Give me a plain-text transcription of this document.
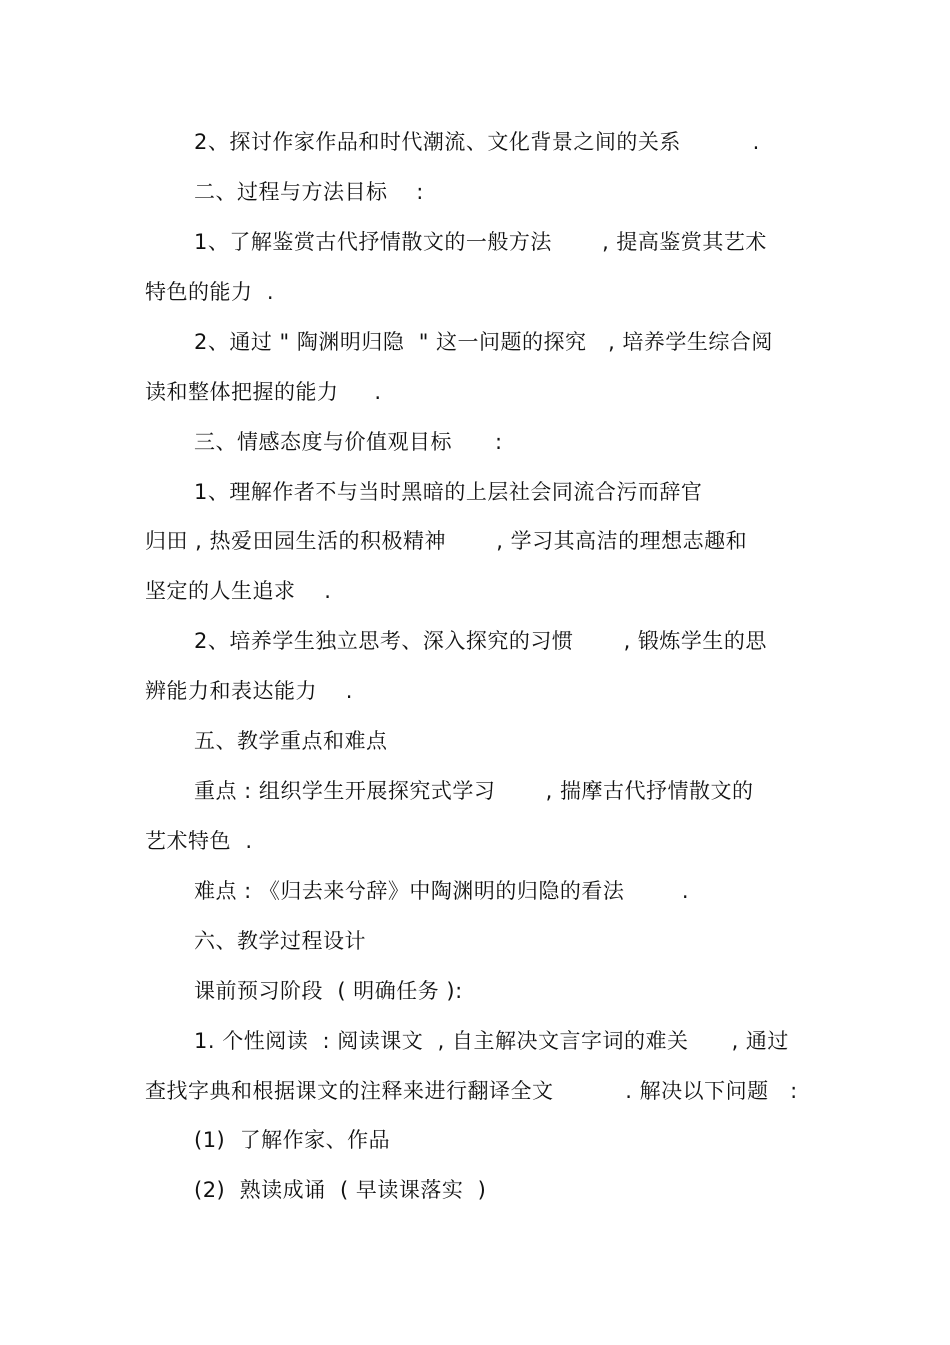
2、探讨作家作品和时代潮流、文化背景之间的关系          .
二、过程与方法目标    :
1、了解鉴赏古代抒情散文的一般方法       , 提高鉴赏其艺术
特色的能力  .
2、通过 " 陶渊明归隐  " 这一问题的探究   , 培养学生综合阅
读和整体把握的能力     .
三、情感态度与价值观目标      :
1、理解作者不与当时黑暗的上层社会同流合污而辞官
归田 , 热爱田园生活的积极精神       , 学习其高洁的理想志趣和
坚定的人生追求    .
2、培养学生独立思考、深入探究的习惯       , 锻炼学生的思
辨能力和表达能力    .
五、教学重点和难点
重点 : 组织学生开展探究式学习       , 揣摩古代抒情散文的
艺术特色  .
难点 : 《归去来兮辞》中陶渊明的归隐的看法        .
六、教学过程设计
课前预习阶段  ( 明确任务 ):
1. 个性阅读  : 阅读课文  , 自主解决文言字词的难关      , 通过
查找字典和根据课文的注释来进行翻译全文          . 解决以下问题   :
(1)  了解作家、作品
(2)  熟读成诵  ( 早读课落实  )
